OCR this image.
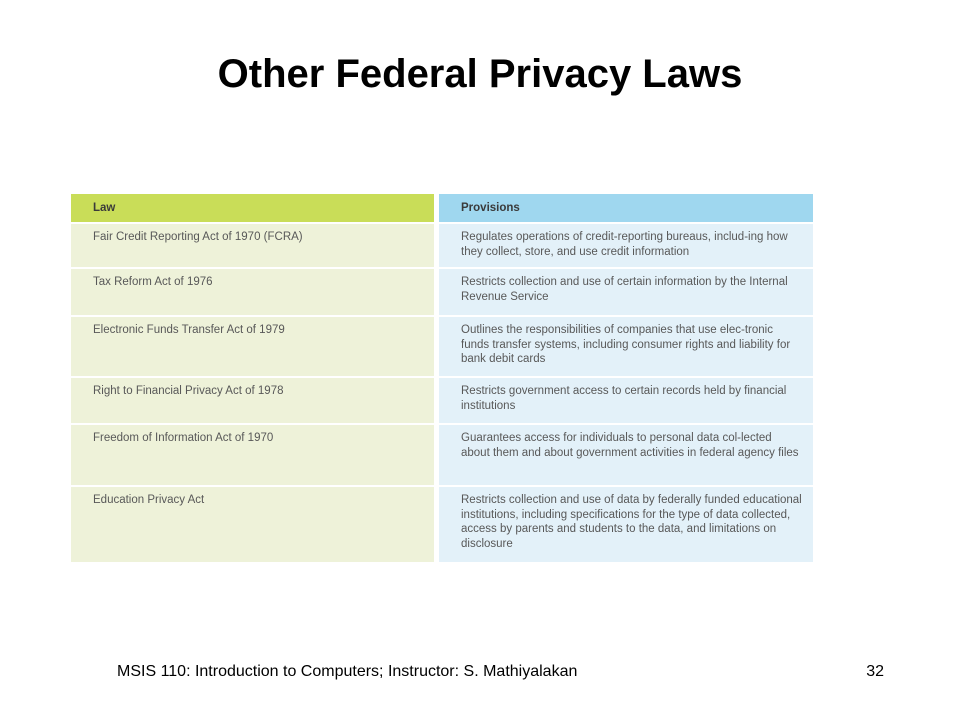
Other Federal Privacy Laws
Law	Provisions
Fair Credit Reporting Act of 1970 (FCRA)	Regulates operations of credit-reporting bureaus, includ-ing how they collect, store, and use credit information
Tax Reform Act of 1976	Restricts collection and use of certain information by the Internal Revenue Service
Electronic Funds Transfer Act of 1979	Outlines the responsibilities of companies that use elec-tronic funds transfer systems, including consumer rights and liability for bank debit cards
Right to Financial Privacy Act of 1978	Restricts government access to certain records held by financial institutions
Freedom of Information Act of 1970	Guarantees access for individuals to personal data col-lected about them and about government activities in federal agency files
Education Privacy Act	Restricts collection and use of data by federally funded educational institutions, including specifications for the type of data collected, access by parents and students to the data, and limitations on disclosure
MSIS 110: Introduction to Computers; Instructor: S. Mathiyalakan	32
